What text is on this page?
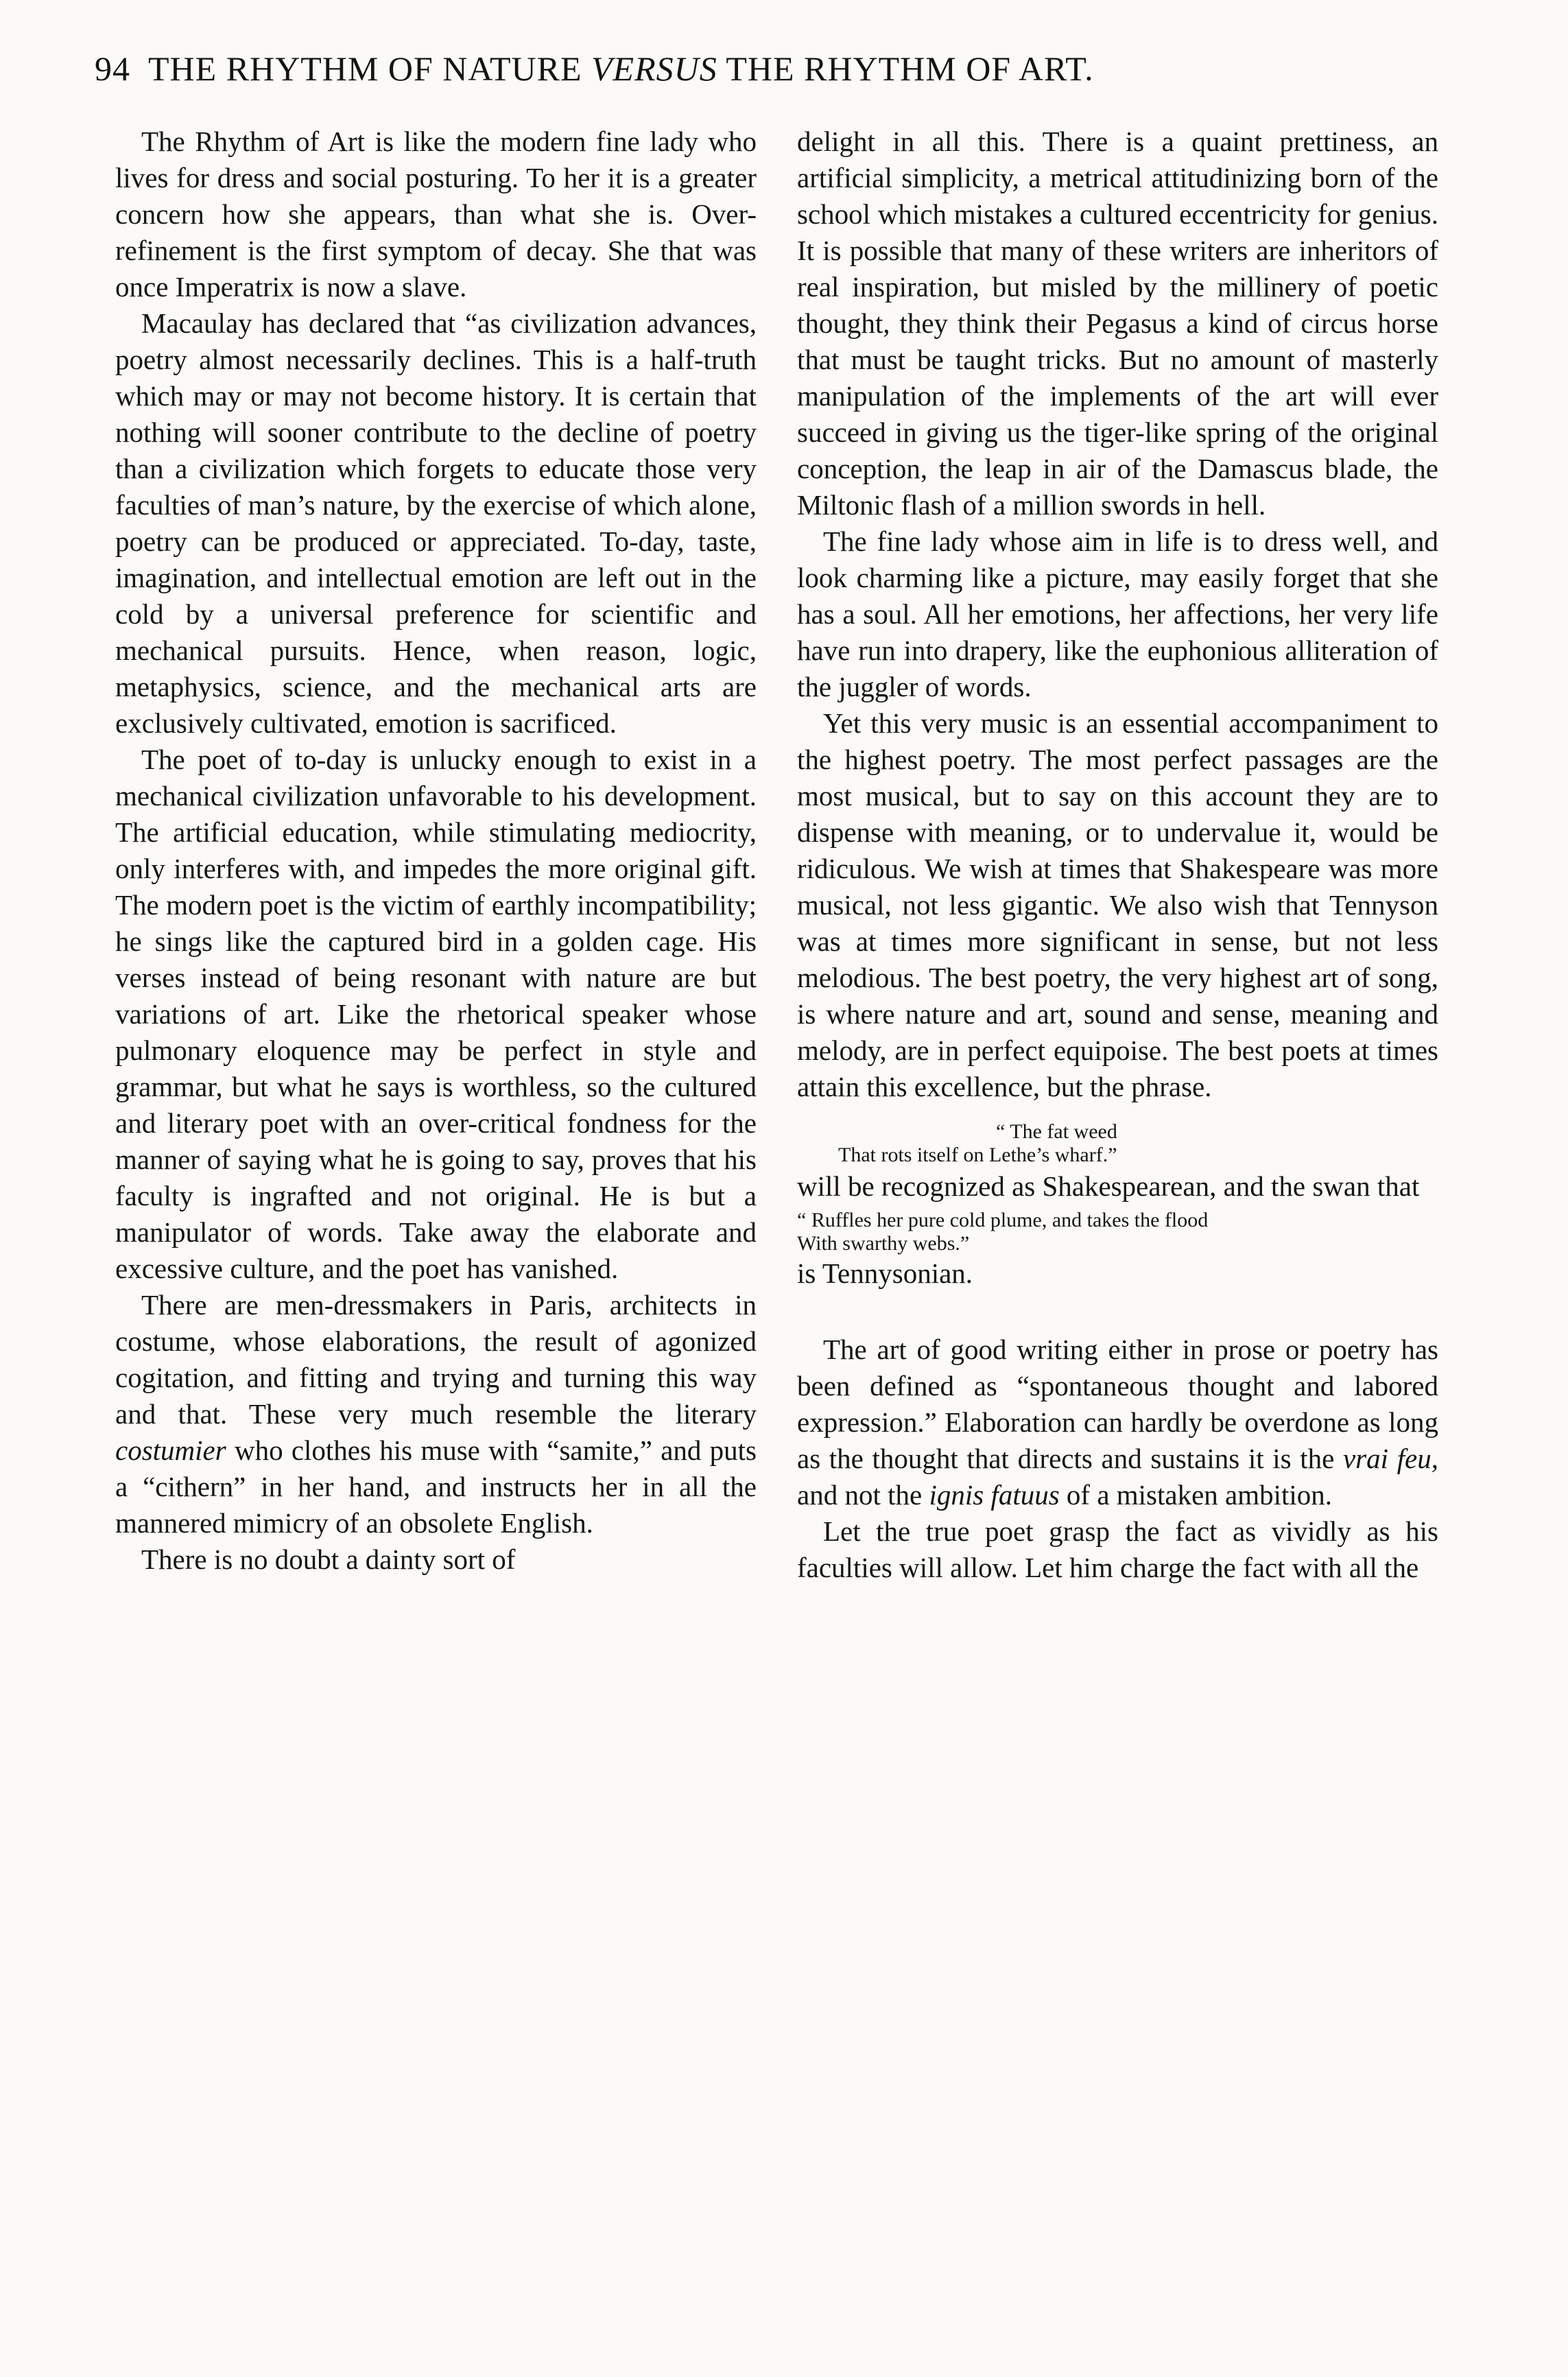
94 THE RHYTHM OF NATURE VERSUS THE RHYTHM OF ART.

The Rhythm of Art is like the modern fine lady who lives for dress and social posturing. To her it is a greater concern how she appears, than what she is. Over-refinement is the first symptom of decay. She that was once Imperatrix is now a slave.

Macaulay has declared that “as civilization advances, poetry almost necessarily declines. This is a half-truth which may or may not become history. It is certain that nothing will sooner contribute to the decline of poetry than a civilization which forgets to educate those very faculties of man’s nature, by the exercise of which alone, poetry can be produced or appreciated. To-day, taste, imagination, and intellectual emotion are left out in the cold by a universal preference for scientific and mechanical pursuits. Hence, when reason, logic, metaphysics, science, and the mechanical arts are exclusively cultivated, emotion is sacrificed.

The poet of to-day is unlucky enough to exist in a mechanical civilization unfavorable to his development. The artificial education, while stimulating mediocrity, only interferes with, and impedes the more original gift. The modern poet is the victim of earthly incompatibility; he sings like the captured bird in a golden cage. His verses instead of being resonant with nature are but variations of art. Like the rhetorical speaker whose pulmonary eloquence may be perfect in style and grammar, but what he says is worthless, so the cultured and literary poet with an over-critical fondness for the manner of saying what he is going to say, proves that his faculty is ingrafted and not original. He is but a manipulator of words. Take away the elaborate and excessive culture, and the poet has vanished.

There are men-dressmakers in Paris, architects in costume, whose elaborations, the result of agonized cogitation, and fitting and trying and turning this way and that. These very much resemble the literary costumier who clothes his muse with “samite,” and puts a “cithern” in her hand, and instructs her in all the mannered mimicry of an obsolete English.

There is no doubt a dainty sort of

delight in all this. There is a quaint prettiness, an artificial simplicity, a metrical attitudinizing born of the school which mistakes a cultured eccentricity for genius. It is possible that many of these writers are inheritors of real inspiration, but misled by the millinery of poetic thought, they think their Pegasus a kind of circus horse that must be taught tricks. But no amount of masterly manipulation of the implements of the art will ever succeed in giving us the tiger-like spring of the original conception, the leap in air of the Damascus blade, the Miltonic flash of a million swords in hell.

The fine lady whose aim in life is to dress well, and look charming like a picture, may easily forget that she has a soul. All her emotions, her affections, her very life have run into drapery, like the euphonious alliteration of the juggler of words.

Yet this very music is an essential accompaniment to the highest poetry. The most perfect passages are the most musical, but to say on this account they are to dispense with meaning, or to undervalue it, would be ridiculous. We wish at times that Shakespeare was more musical, not less gigantic. We also wish that Tennyson was at times more significant in sense, but not less melodious. The best poetry, the very highest art of song, is where nature and art, sound and sense, meaning and melody, are in perfect equipoise. The best poets at times attain this excellence, but the phrase.

“ The fat weed
That rots itself on Lethe’s wharf.”

will be recognized as Shakespearean, and the swan that

“ Ruffles her pure cold plume, and takes the flood
With swarthy webs.”

is Tennysonian.

The art of good writing either in prose or poetry has been defined as “spontaneous thought and labored expression.” Elaboration can hardly be overdone as long as the thought that directs and sustains it is the vrai feu, and not the ignis fatuus of a mistaken ambition.

Let the true poet grasp the fact as vividly as his faculties will allow. Let him charge the fact with all the
